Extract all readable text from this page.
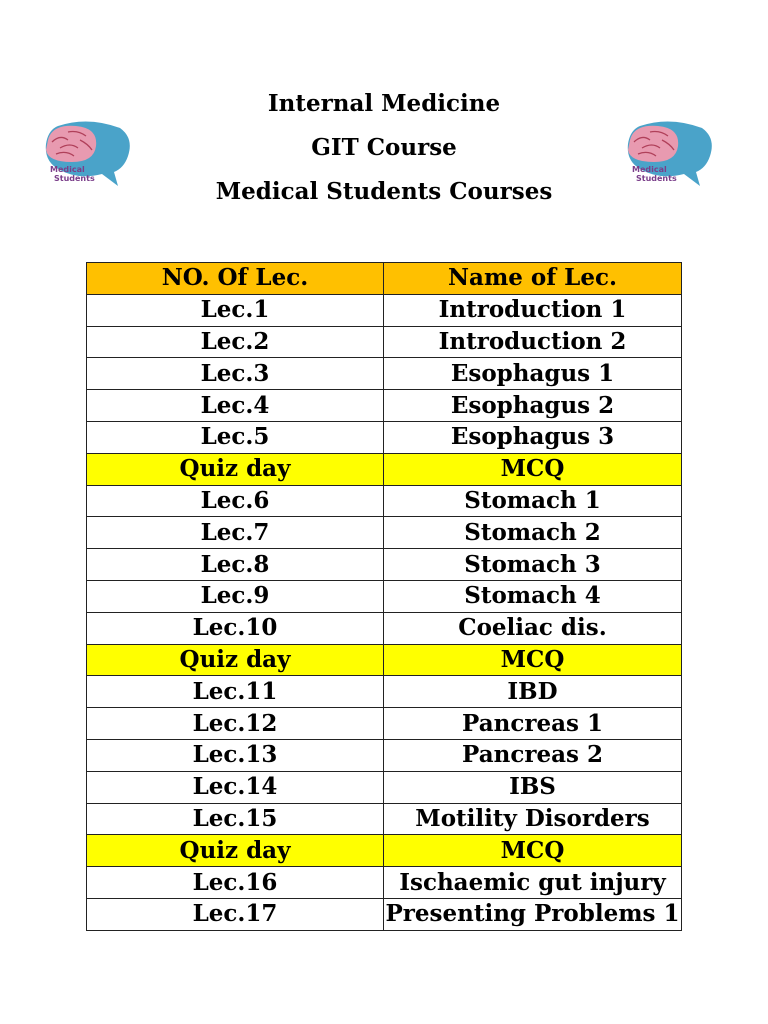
Internal Medicine
GIT Course
Medical Students Courses
Medical
Students
Medical
Students
NO. Of Lec.	Name of Lec.
Lec.1	Introduction 1
Lec.2	Introduction 2
Lec.3	Esophagus 1
Lec.4	Esophagus 2
Lec.5	Esophagus 3
Quiz day	MCQ
Lec.6	Stomach 1
Lec.7	Stomach 2
Lec.8	Stomach 3
Lec.9	Stomach 4
Lec.10	Coeliac dis.
Quiz day	MCQ
Lec.11	IBD
Lec.12	Pancreas 1
Lec.13	Pancreas 2
Lec.14	IBS
Lec.15	Motility Disorders
Quiz day	MCQ
Lec.16	Ischaemic gut injury
Lec.17	Presenting Problems 1
